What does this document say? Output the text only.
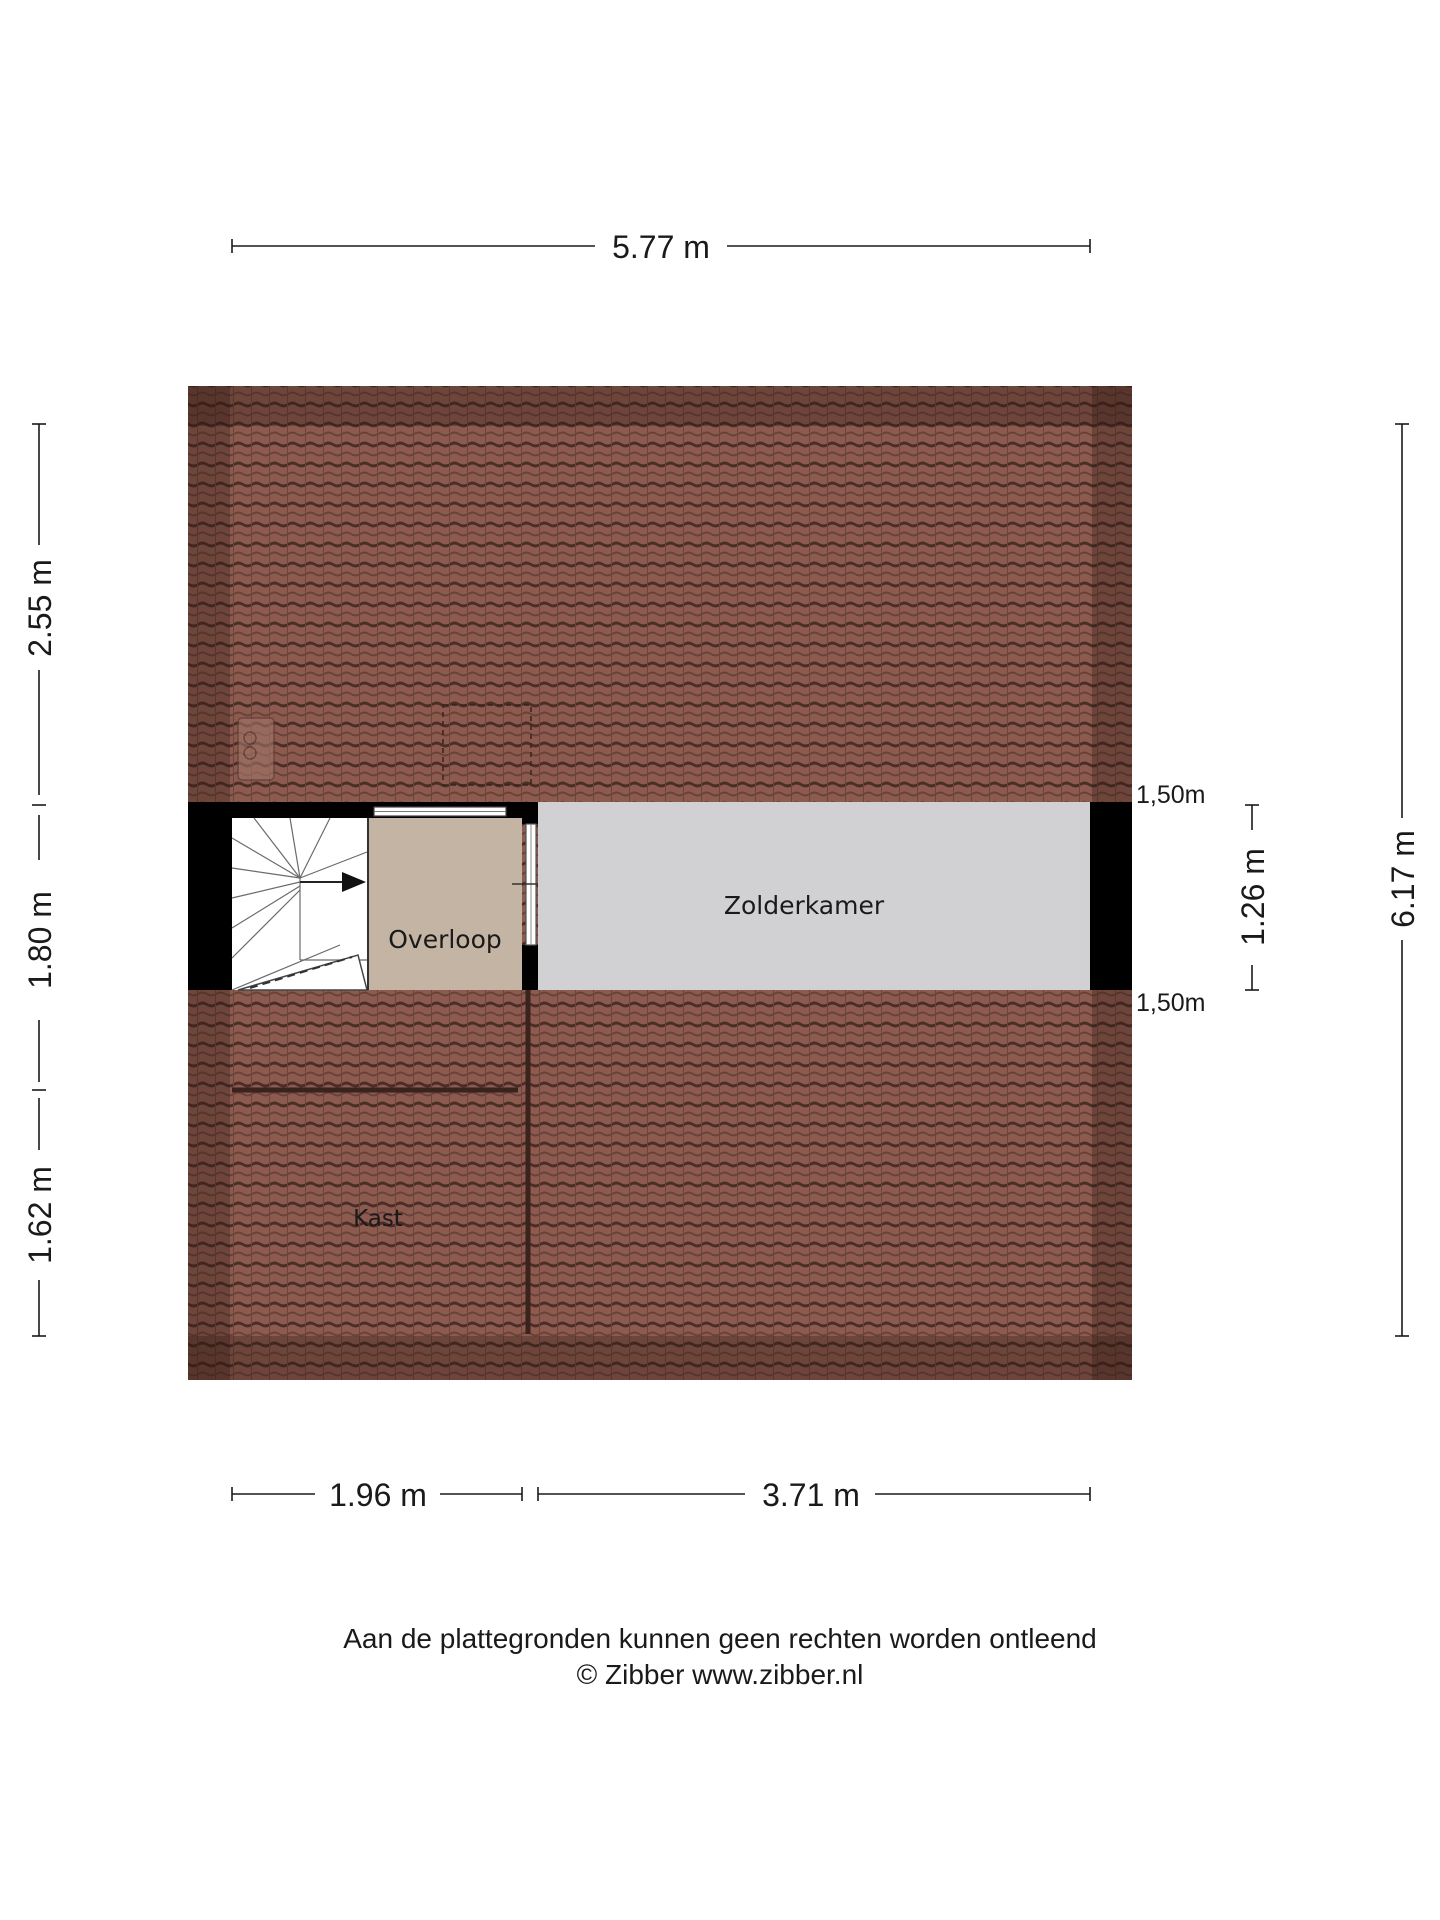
Overloop
Zolderkamer
Kast
5.77 m
1.96 m	3.71 m
2.55 m
1.80 m
1.62 m
6.17 m
1.26 m
1,50m
1,50m
Aan de plattegronden kunnen geen rechten worden ontleend
© Zibber www.zibber.nl
